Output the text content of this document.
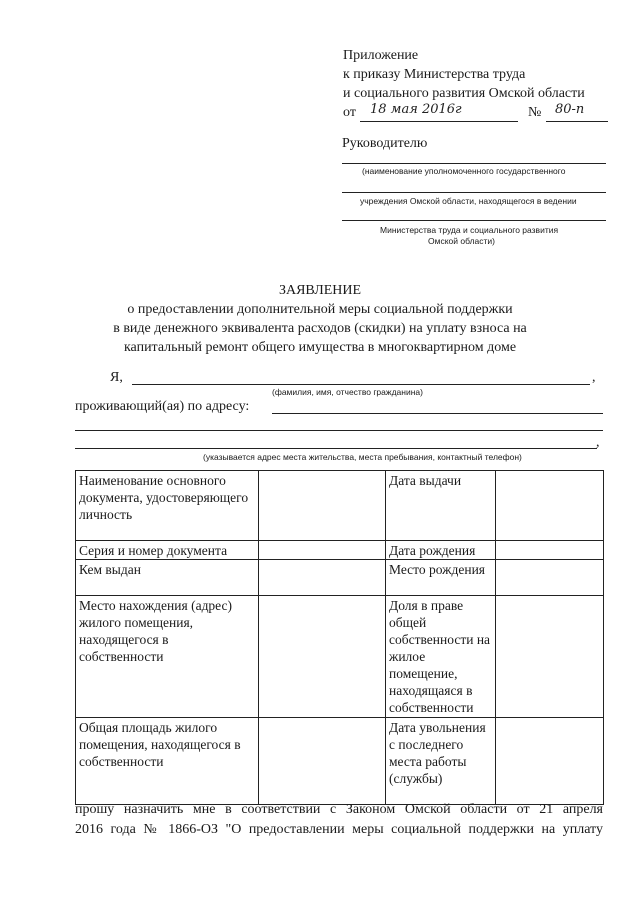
Приложение
к приказу Министерства труда
и социального развития Омской области
от 18 мая 2016г	№ 80-п
Руководителю
(наименование уполномоченного государственного
учреждения Омской области, находящегося в ведении
Министерства труда и социального развития
Омской области)
ЗАЯВЛЕНИЕ
о предоставлении дополнительной меры социальной поддержки
в виде денежного эквивалента расходов (скидки) на уплату взноса на
капитальный ремонт общего имущества в многоквартирном доме
Я,	,
(фамилия, имя, отчество гражданина)
проживающий(ая) по адресу:
,
(указывается адрес места жительства, места пребывания, контактный телефон)
Наименование основного документа, удостоверяющего личность		Дата выдачи	
Серия и номер документа		Дата рождения	
Кем выдан		Место рождения	
Место нахождения (адрес) жилого помещения, находящегося в собственности		Доля в праве общей собственности на жилое помещение, находящаяся в собственности	
Общая площадь жилого помещения, находящегося в собственности		Дата увольнения с последнего места работы (службы)	
прошу назначить мне в соответствии с Законом Омской области от 21 апреля
2016 года № 1866-ОЗ "О предоставлении меры социальной поддержки на уплату
